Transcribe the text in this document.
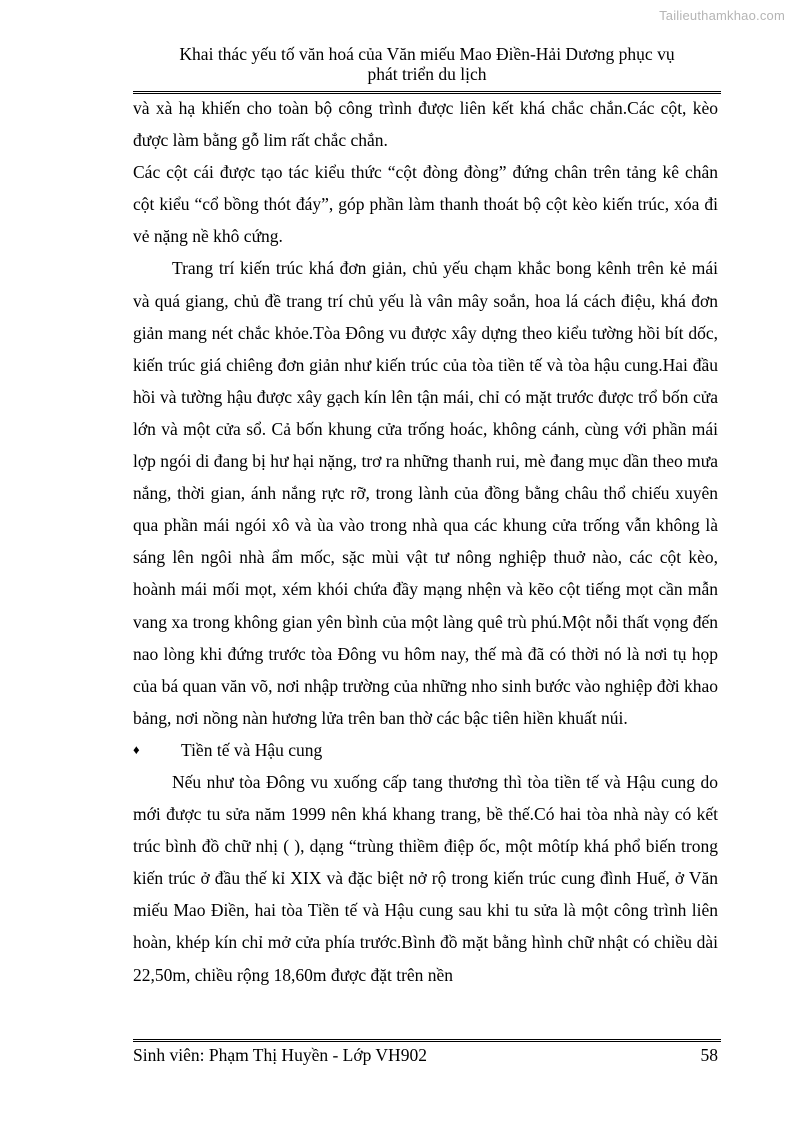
Tailieuthamkhao.com
Khai thác yếu tố văn hoá của Văn miếu Mao Điền-Hải Dương phục vụ
phát triển du lịch

và xà hạ khiến cho toàn bộ công trình được liên kết khá chắc chắn.Các cột, kèo được làm bằng gỗ lim rất chắc chắn.

Các cột cái được tạo tác kiểu thức “cột đòng đòng” đứng chân trên tảng kê chân cột kiểu “cổ bồng thót đáy”, góp phần làm thanh thoát bộ cột kèo kiến trúc, xóa đi vẻ nặng nề khô cứng.

Trang trí kiến trúc khá đơn giản, chủ yếu chạm khắc bong kênh trên kẻ mái và quá giang, chủ đề trang trí chủ yếu là vân mây soắn, hoa lá cách điệu, khá đơn giản mang nét chắc khỏe.Tòa Đông vu được xây dựng theo kiểu tường hồi bít dốc, kiến trúc giá chiêng đơn giản như kiến trúc của tòa tiền tế và tòa hậu cung.Hai đầu hồi và tường hậu được xây gạch kín lên tận mái, chỉ có mặt trước được trổ bốn cửa lớn và một cửa sổ. Cả bốn khung cửa trống hoác, không cánh, cùng với phần mái lợp ngói di đang bị hư hại nặng, trơ ra những thanh rui, mè đang mục dần theo mưa nắng, thời gian, ánh nắng rực rỡ, trong lành của đồng bằng châu thổ chiếu xuyên qua phần mái ngói xô và ùa vào trong nhà qua các khung cửa trống vẫn không là sáng lên ngôi nhà ẩm mốc, sặc mùi vật tư nông nghiệp thuở nào, các cột kèo, hoành mái mối mọt, xém khói chứa đầy mạng nhện và kẽo cột tiếng mọt cần mẫn vang xa trong không gian yên bình của một làng quê trù phú.Một nỗi thất vọng đến nao lòng khi đứng trước tòa Đông vu hôm nay, thế mà đã có thời nó là nơi tụ họp của bá quan văn võ, nơi nhập trường của những nho sinh bước vào nghiệp đời khao bảng, nơi nồng nàn hương lửa trên ban thờ các bậc tiên hiền khuất núi.

♦ Tiền tế và Hậu cung

Nếu như tòa Đông vu xuống cấp tang thương thì tòa tiền tế và Hậu cung do mới được tu sửa năm 1999 nên khá khang trang, bề thế.Có hai tòa nhà này có kết trúc bình đồ chữ nhị ( ), dạng “trùng thiềm điệp ốc, một môtíp khá phổ biến trong kiến trúc ở đầu thế kỉ XIX và đặc biệt nở rộ trong kiến trúc cung đình Huế, ở Văn miếu Mao Điền, hai tòa Tiền tế và Hậu cung sau khi tu sửa là một công trình liên hoàn, khép kín chỉ mở cửa phía trước.Bình đồ mặt bằng hình chữ nhật có chiều dài 22,50m, chiều rộng 18,60m được đặt trên nền

Sinh viên: Phạm Thị Huyền - Lớp VH902	58
